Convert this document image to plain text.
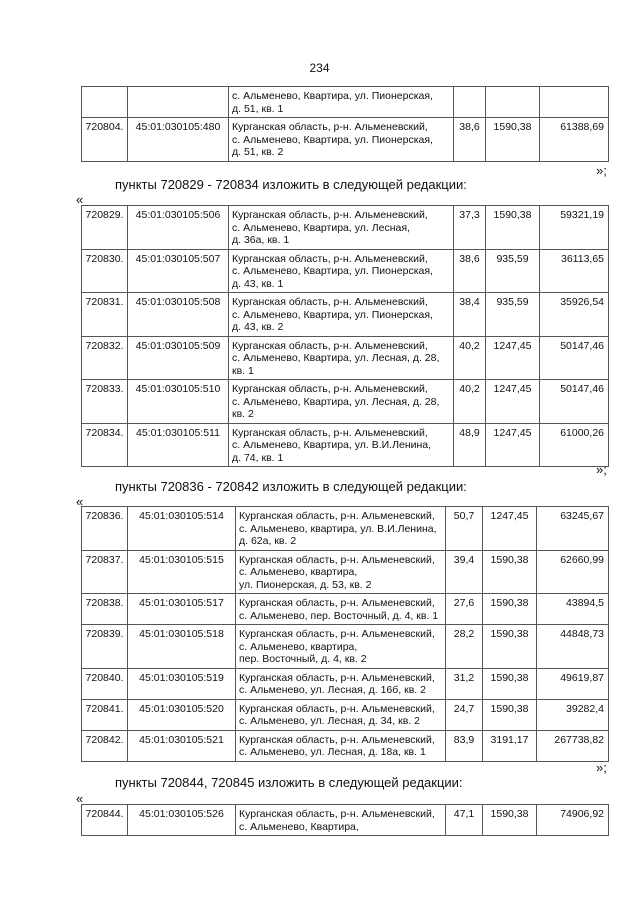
234

		с. Альменево, Квартира, ул. Пионерская,
д. 51, кв. 1			

720804.	45:01:030105:480	Курганская область, р-н. Альменевский,
с. Альменево, Квартира, ул. Пионерская,
д. 51, кв. 2	38,6	1590,38	61388,69
»;
пункты 720829 - 720834 изложить в следующей редакции:
«
720829.	45:01:030105:506	Курганская область, р-н. Альменевский,
с. Альменево, Квартира, ул. Лесная,
д. 36а, кв. 1	37,3	1590,38	59321,19
720830.	45:01:030105:507	Курганская область, р-н. Альменевский,
с. Альменево, Квартира, ул. Пионерская,
д. 43, кв. 1	38,6	935,59	36113,65
720831.	45:01:030105:508	Курганская область, р-н. Альменевский,
с. Альменево, Квартира, ул. Пионерская,
д. 43, кв. 2	38,4	935,59	35926,54
720832.	45:01:030105:509	Курганская область, р-н. Альменевский,
с. Альменево, Квартира, ул. Лесная, д. 28,
кв. 1	40,2	1247,45	50147,46
720833.	45:01:030105:510	Курганская область, р-н. Альменевский,
с. Альменево, Квартира, ул. Лесная, д. 28,
кв. 2	40,2	1247,45	50147,46
720834.	45:01:030105:511	Курганская область, р-н. Альменевский,
с. Альменево, Квартира, ул. В.И.Ленина,
д. 74, кв. 1	48,9	1247,45	61000,26
»;
пункты 720836 - 720842 изложить в следующей редакции:
«
720836.	45:01:030105:514	Курганская область, р-н. Альменевский,
с. Альменево, квартира, ул. В.И.Ленина,
д. 62а, кв. 2	50,7	1247,45	63245,67
720837.	45:01:030105:515	Курганская область, р-н. Альменевский,
с. Альменево, квартира,
ул. Пионерская, д. 53, кв. 2	39,4	1590,38	62660,99
720838.	45:01:030105:517	Курганская область, р-н. Альменевский,
с. Альменево, пер. Восточный, д. 4, кв. 1	27,6	1590,38	43894,5
720839.	45:01:030105:518	Курганская область, р-н. Альменевский,
с. Альменево, квартира,
пер. Восточный, д. 4, кв. 2	28,2	1590,38	44848,73
720840.	45:01:030105:519	Курганская область, р-н. Альменевский,
с. Альменево, ул. Лесная, д. 16б, кв. 2	31,2	1590,38	49619,87
720841.	45:01:030105:520	Курганская область, р-н. Альменевский,
с. Альменево, ул. Лесная, д. 34, кв. 2	24,7	1590,38	39282,4
720842.	45:01:030105:521	Курганская область, р-н. Альменевский,
с. Альменево, ул. Лесная, д. 18а, кв. 1	83,9	3191,17	267738,82
»;
пункты 720844, 720845 изложить в следующей редакции:
«
720844.	45:01:030105:526	Курганская область, р-н. Альменевский,
с. Альменево, Квартира,
	47,1	1590,38	74906,92
